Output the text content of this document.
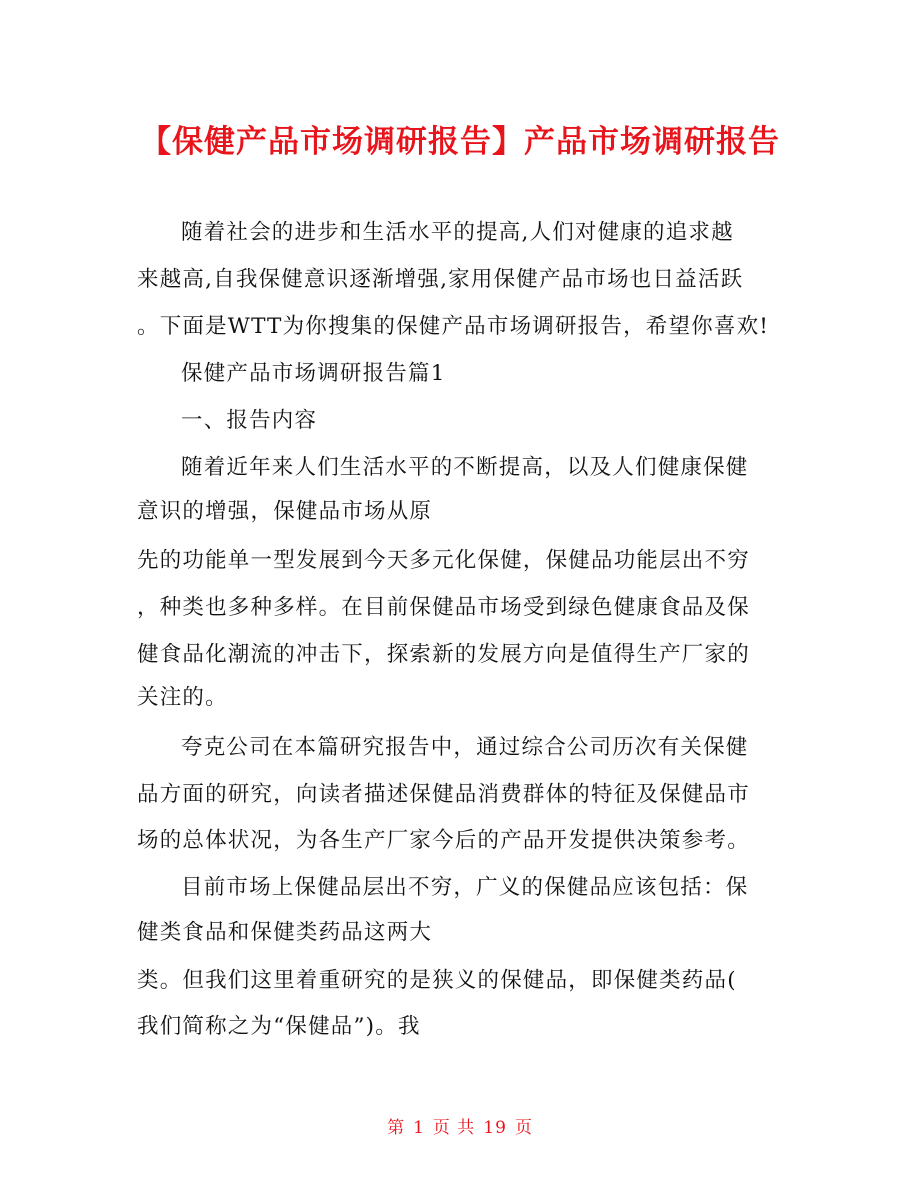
【保健产品市场调研报告】产品市场调研报告
随着社会的进步和生活水平的提高,人们对健康的追求越
来越高,自我保健意识逐渐增强,家用保健产品市场也日益活跃
。下面是WTT为你搜集的保健产品市场调研报告，希望你喜欢!
保健产品市场调研报告篇1
一、报告内容
随着近年来人们生活水平的不断提高，以及人们健康保健
意识的增强，保健品市场从原
先的功能单一型发展到今天多元化保健，保健品功能层出不穷
，种类也多种多样。在目前保健品市场受到绿色健康食品及保
健食品化潮流的冲击下，探索新的发展方向是值得生产厂家的
关注的。
夸克公司在本篇研究报告中，通过综合公司历次有关保健
品方面的研究，向读者描述保健品消费群体的特征及保健品市
场的总体状况，为各生产厂家今后的产品开发提供决策参考。
目前市场上保健品层出不穷，广义的保健品应该包括：保
健类食品和保健类药品这两大
类。但我们这里着重研究的是狭义的保健品，即保健类药品(
我们简称之为“保健品”)。我
第 1 页 共 19 页
